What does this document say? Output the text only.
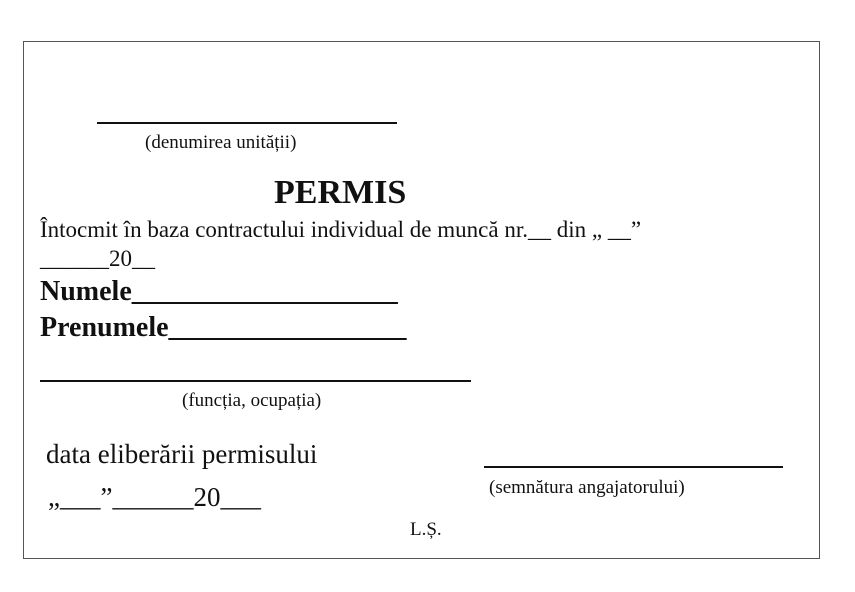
(denumirea unității)
PERMIS
Întocmit în baza contractului individual de muncă nr.__ din „ __”
______20__
Numele___________________
Prenumele_________________
(funcția, ocupația)
data eliberării permisului
„___”______20___	(semnătura angajatorului)
L.Ș.
